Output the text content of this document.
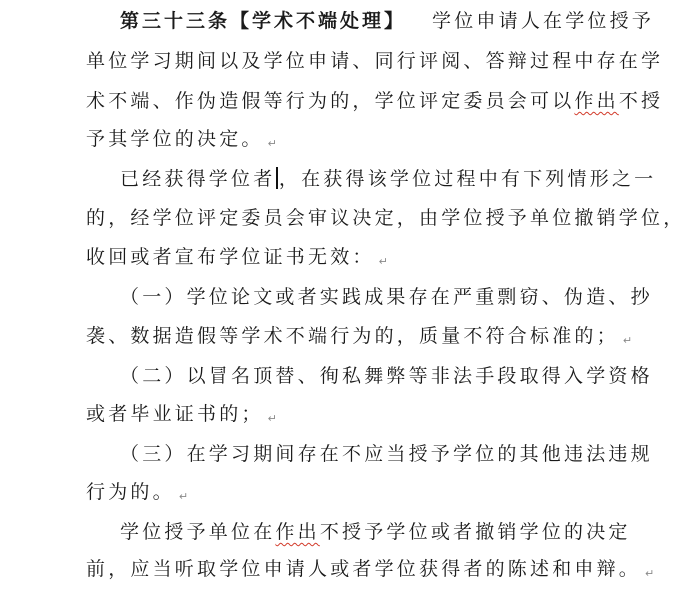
第三十三条【学术不端处理】 学位申请人在学位授予
单位学习期间以及学位申请、同行评阅、答辩过程中存在学
术不端、作伪造假等行为的，学位评定委员会可以作出不授
予其学位的决定。 ↵
已经获得学位者 ，在获得该学位过程中有下列情形之一
的，经学位评定委员会审议决定，由学位授予单位撤销学位，
收回或者宣布学位证书无效： ↵
（一）学位论文或者实践成果存在严重剽窃、伪造、抄
袭、数据造假等学术不端行为的，质量不符合标准的； ↵
（二）以冒名顶替、徇私舞弊等非法手段取得入学资格
或者毕业证书的； ↵
（三）在学习期间存在不应当授予学位的其他违法违规
行为的。 ↵
学位授予单位在作出不授予学位或者撤销学位的决定
前，应当听取学位申请人或者学位获得者的陈述和申辩。 ↵
